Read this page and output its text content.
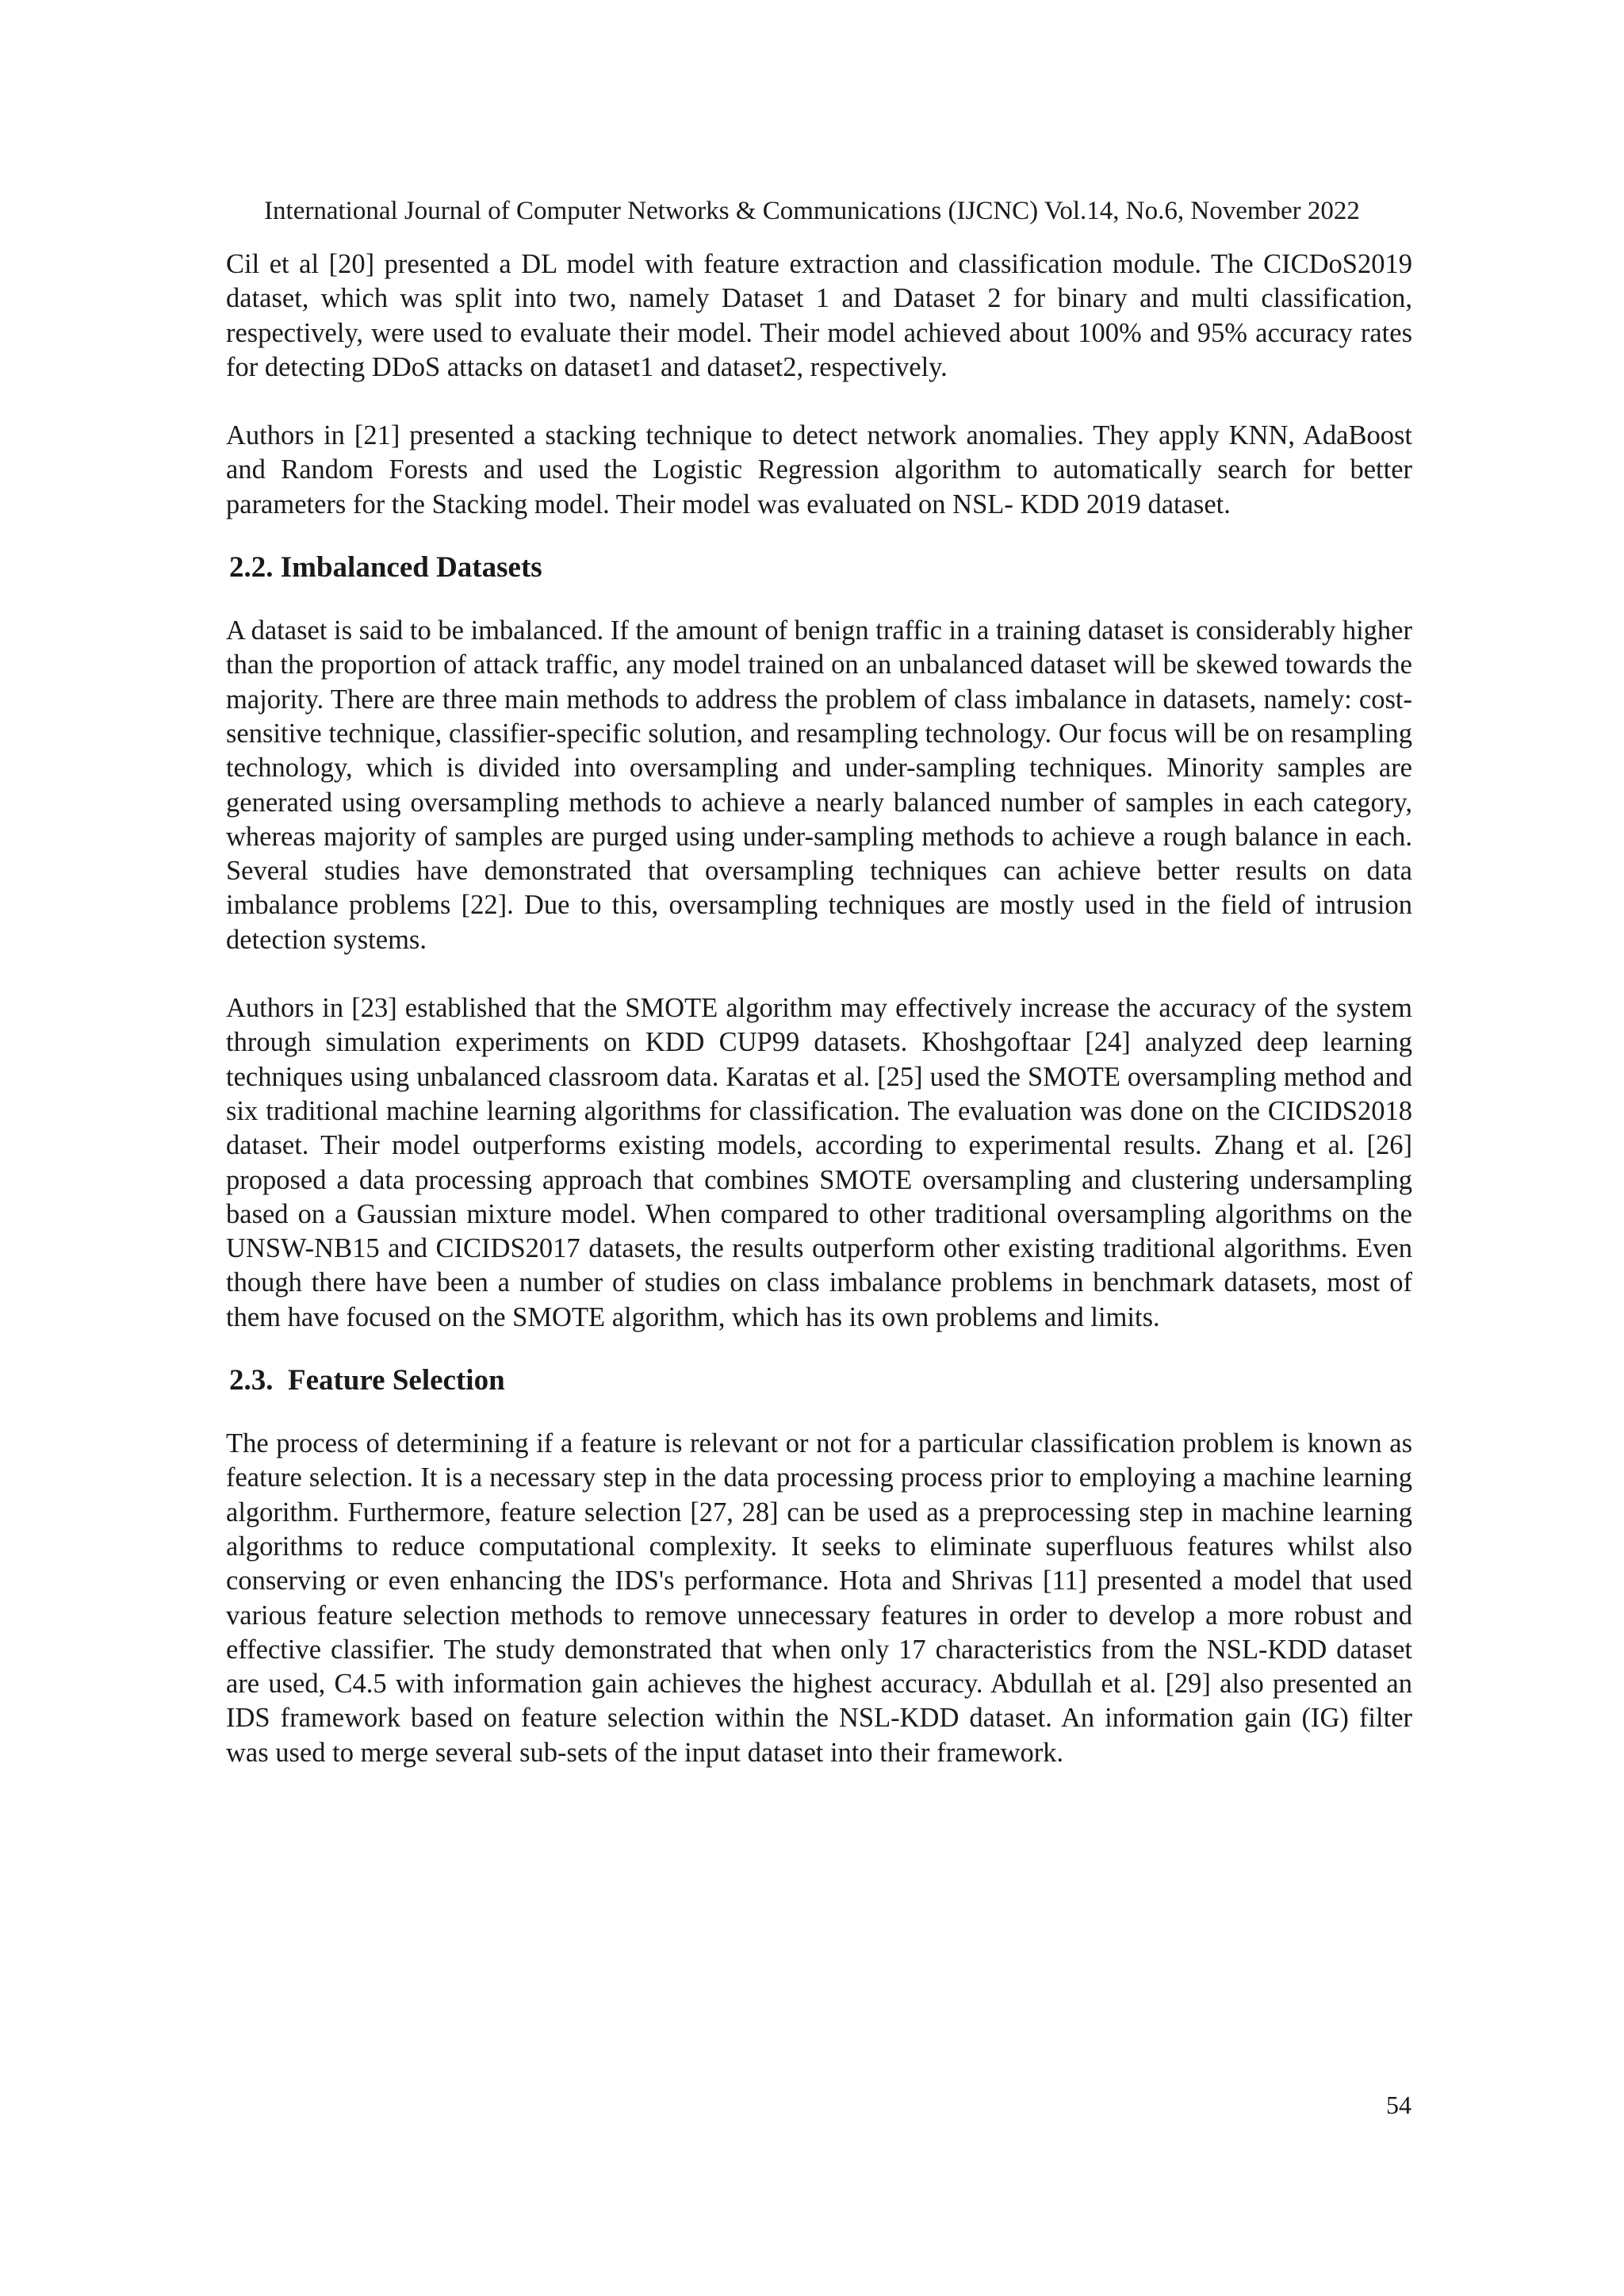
International Journal of Computer Networks & Communications (IJCNC) Vol.14, No.6, November 2022

Cil et al [20] presented a DL model with feature extraction and classification module. The CICDoS2019 dataset, which was split into two, namely Dataset 1 and Dataset 2 for binary and multi classification, respectively, were used to evaluate their model. Their model achieved about 100% and 95% accuracy rates for detecting DDoS attacks on dataset1 and dataset2, respectively.

Authors in [21] presented a stacking technique to detect network anomalies. They apply KNN, AdaBoost and Random Forests and used the Logistic Regression algorithm to automatically search for better parameters for the Stacking model. Their model was evaluated on NSL- KDD 2019 dataset.

2.2. Imbalanced Datasets

A dataset is said to be imbalanced. If the amount of benign traffic in a training dataset is considerably higher than the proportion of attack traffic, any model trained on an unbalanced dataset will be skewed towards the majority. There are three main methods to address the problem of class imbalance in datasets, namely: cost-sensitive technique, classifier-specific solution, and resampling technology. Our focus will be on resampling technology, which is divided into oversampling and under-sampling techniques. Minority samples are generated using oversampling methods to achieve a nearly balanced number of samples in each category, whereas majority of samples are purged using under-sampling methods to achieve a rough balance in each. Several studies have demonstrated that oversampling techniques can achieve better results on data imbalance problems [22]. Due to this, oversampling techniques are mostly used in the field of intrusion detection systems.

Authors in [23] established that the SMOTE algorithm may effectively increase the accuracy of the system through simulation experiments on KDD CUP99 datasets. Khoshgoftaar [24] analyzed deep learning techniques using unbalanced classroom data. Karatas et al. [25] used the SMOTE oversampling method and six traditional machine learning algorithms for classification. The evaluation was done on the CICIDS2018 dataset. Their model outperforms existing models, according to experimental results. Zhang et al. [26] proposed a data processing approach that combines SMOTE oversampling and clustering undersampling based on a Gaussian mixture model. When compared to other traditional oversampling algorithms on the UNSW-NB15 and CICIDS2017 datasets, the results outperform other existing traditional algorithms. Even though there have been a number of studies on class imbalance problems in benchmark datasets, most of them have focused on the SMOTE algorithm, which has its own problems and limits.

2.3.  Feature Selection

The process of determining if a feature is relevant or not for a particular classification problem is known as feature selection. It is a necessary step in the data processing process prior to employing a machine learning algorithm. Furthermore, feature selection [27, 28] can be used as a preprocessing step in machine learning algorithms to reduce computational complexity. It seeks to eliminate superfluous features whilst also conserving or even enhancing the IDS's performance. Hota and Shrivas [11] presented a model that used various feature selection methods to remove unnecessary features in order to develop a more robust and effective classifier. The study demonstrated that when only 17 characteristics from the NSL-KDD dataset are used, C4.5 with information gain achieves the highest accuracy. Abdullah et al. [29] also presented an IDS framework based on feature selection within the NSL-KDD dataset. An information gain (IG) filter was used to merge several sub-sets of the input dataset into their framework.

54
